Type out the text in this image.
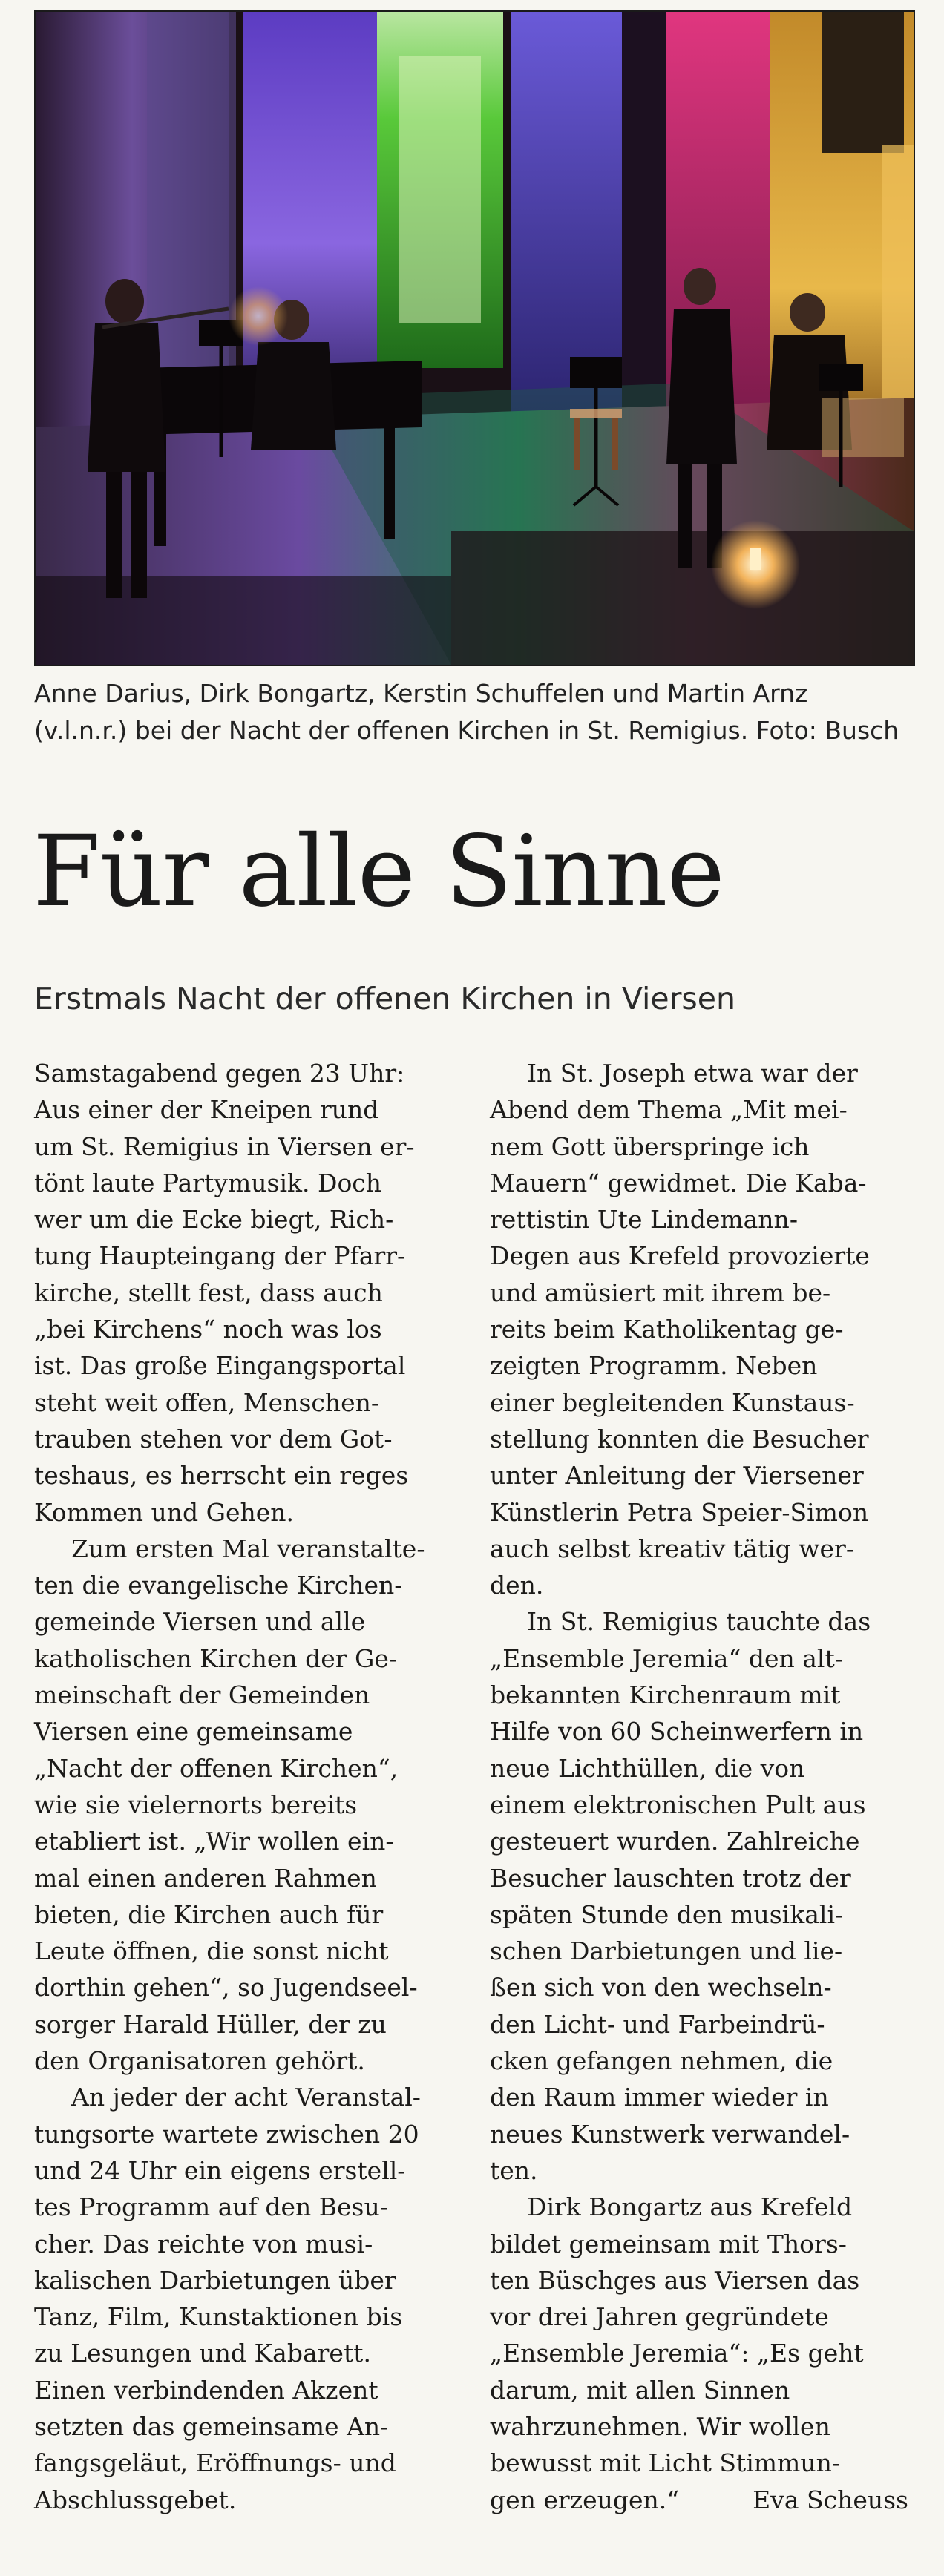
Anne Darius, Dirk Bongartz, Kerstin Schuffelen und Martin Arnz
(v.l.n.r.) bei der Nacht der offenen Kirchen in St. Remigius. Foto: Busch
Für alle Sinne
Erstmals Nacht der offenen Kirchen in Viersen
Samstagabend gegen 23 Uhr:
Aus einer der Kneipen rund
um St. Remigius in Viersen er-
tönt laute Partymusik. Doch
wer um die Ecke biegt, Rich-
tung Haupteingang der Pfarr-
kirche, stellt fest, dass auch
„bei Kirchens“ noch was los
ist. Das große Eingangsportal
steht weit offen, Menschen-
trauben stehen vor dem Got-
teshaus, es herrscht ein reges
Kommen und Gehen.
Zum ersten Mal veranstalte-
ten die evangelische Kirchen-
gemeinde Viersen und alle
katholischen Kirchen der Ge-
meinschaft der Gemeinden
Viersen eine gemeinsame
„Nacht der offenen Kirchen“,
wie sie vielernorts bereits
etabliert ist. „Wir wollen ein-
mal einen anderen Rahmen
bieten, die Kirchen auch für
Leute öffnen, die sonst nicht
dorthin gehen“, so Jugendseel-
sorger Harald Hüller, der zu
den Organisatoren gehört.
An jeder der acht Veranstal-
tungsorte wartete zwischen 20
und 24 Uhr ein eigens erstell-
tes Programm auf den Besu-
cher. Das reichte von musi-
kalischen Darbietungen über
Tanz, Film, Kunstaktionen bis
zu Lesungen und Kabarett.
Einen verbindenden Akzent
setzten das gemeinsame An-
fangsgeläut, Eröffnungs- und
Abschlussgebet.
In St. Joseph etwa war der
Abend dem Thema „Mit mei-
nem Gott überspringe ich
Mauern“ gewidmet. Die Kaba-
rettistin Ute Lindemann-
Degen aus Krefeld provozierte
und amüsiert mit ihrem be-
reits beim Katholikentag ge-
zeigten Programm. Neben
einer begleitenden Kunstaus-
stellung konnten die Besucher
unter Anleitung der Viersener
Künstlerin Petra Speier-Simon
auch selbst kreativ tätig wer-
den.
In St. Remigius tauchte das
„Ensemble Jeremia“ den alt-
bekannten Kirchenraum mit
Hilfe von 60 Scheinwerfern in
neue Lichthüllen, die von
einem elektronischen Pult aus
gesteuert wurden. Zahlreiche
Besucher lauschten trotz der
späten Stunde den musikali-
schen Darbietungen und lie-
ßen sich von den wechseln-
den Licht- und Farbeindrü-
cken gefangen nehmen, die
den Raum immer wieder in
neues Kunstwerk verwandel-
ten.
Dirk Bongartz aus Krefeld
bildet gemeinsam mit Thors-
ten Büschges aus Viersen das
vor drei Jahren gegründete
„Ensemble Jeremia“: „Es geht
darum, mit allen Sinnen
wahrzunehmen. Wir wollen
bewusst mit Licht Stimmun-
gen erzeugen.“	Eva Scheuss
